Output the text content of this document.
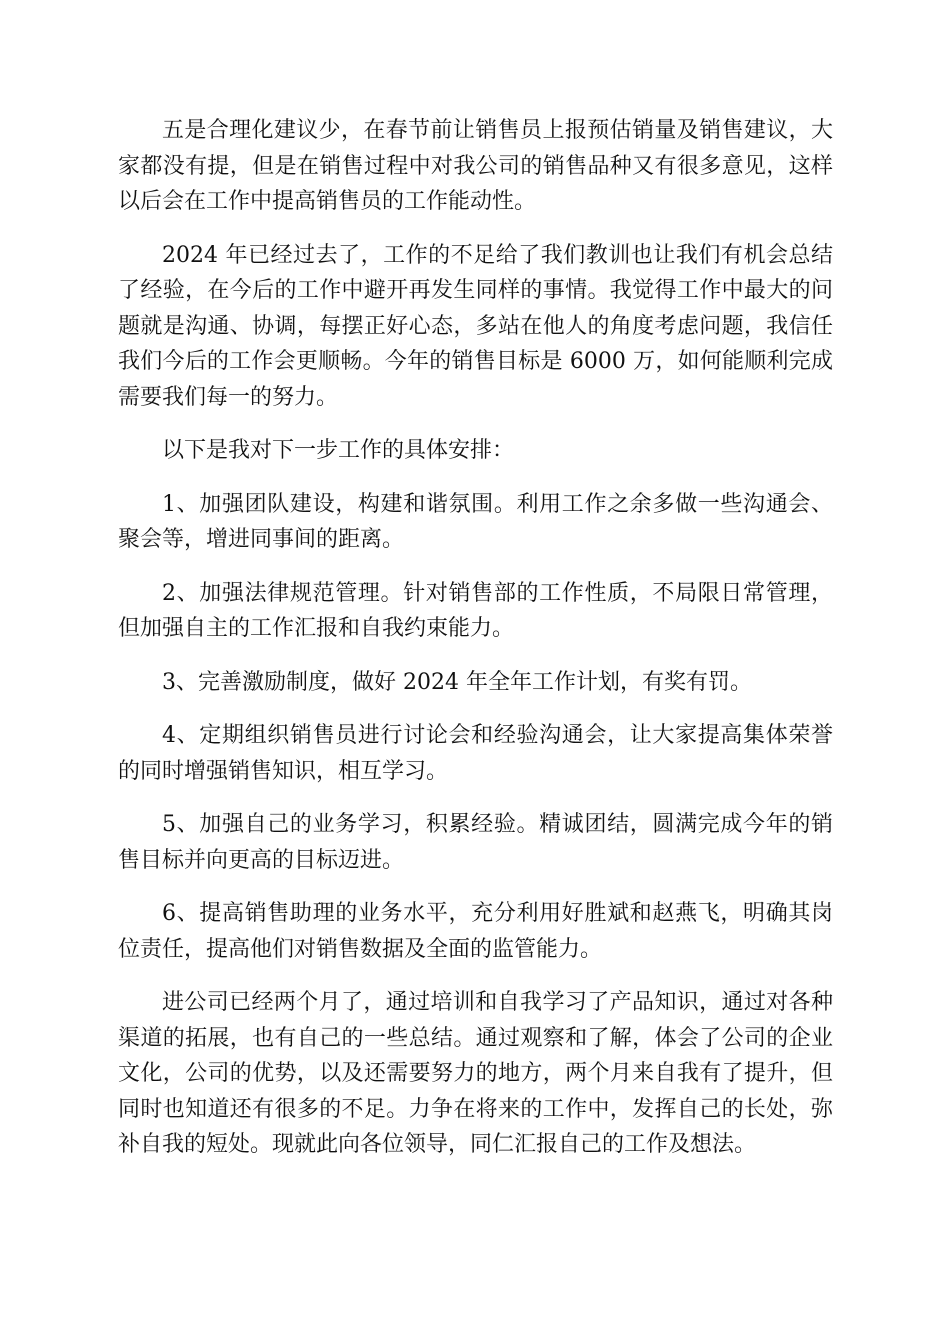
五是合理化建议少，在春节前让销售员上报预估销量及销售建议，大家都没有提，但是在销售过程中对我公司的销售品种又有很多意见，这样以后会在工作中提高销售员的工作能动性。

2024 年已经过去了，工作的不足给了我们教训也让我们有机会总结了经验，在今后的工作中避开再发生同样的事情。我觉得工作中最大的问题就是沟通、协调，每摆正好心态，多站在他人的角度考虑问题，我信任我们今后的工作会更顺畅。今年的销售目标是 6000 万，如何能顺利完成需要我们每一的努力。

以下是我对下一步工作的具体安排：

1、加强团队建设，构建和谐氛围。利用工作之余多做一些沟通会、聚会等，增进同事间的距离。

2、加强法律规范管理。针对销售部的工作性质，不局限日常管理，但加强自主的工作汇报和自我约束能力。

3、完善激励制度，做好 2024 年全年工作计划，有奖有罚。

4、定期组织销售员进行讨论会和经验沟通会，让大家提高集体荣誉的同时增强销售知识，相互学习。

5、加强自己的业务学习，积累经验。精诚团结，圆满完成今年的销售目标并向更高的目标迈进。

6、提高销售助理的业务水平，充分利用好胜斌和赵燕飞，明确其岗位责任，提高他们对销售数据及全面的监管能力。

进公司已经两个月了，通过培训和自我学习了产品知识，通过对各种渠道的拓展，也有自己的一些总结。通过观察和了解，体会了公司的企业文化，公司的优势，以及还需要努力的地方，两个月来自我有了提升，但同时也知道还有很多的不足。力争在将来的工作中，发挥自己的长处，弥补自我的短处。现就此向各位领导，同仁汇报自己的工作及想法。
